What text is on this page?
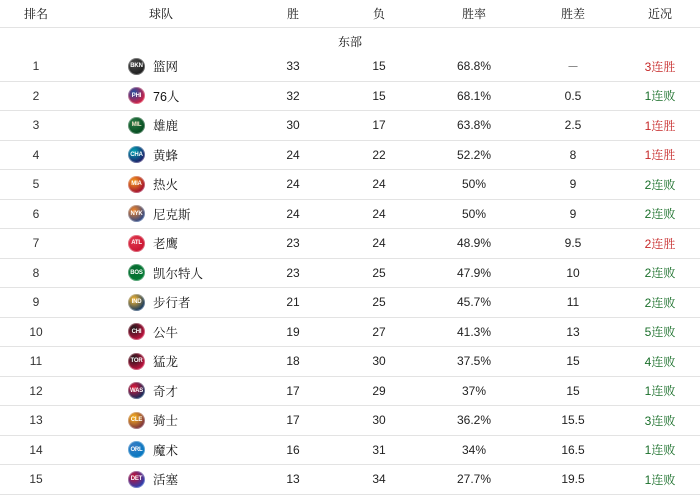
排名	球队	胜	负	胜率	胜差	近况
东部						
1	BKN 篮网	33	15	68.8%	－	3连胜
2	PHI 76人	32	15	68.1%	0.5	1连败
3	MIL 雄鹿	30	17	63.8%	2.5	1连胜
4	CHA 黄蜂	24	22	52.2%	8	1连胜
5	MIA 热火	24	24	50%	9	2连败
6	NYK 尼克斯	24	24	50%	9	2连败
7	ATL 老鹰	23	24	48.9%	9.5	2连胜
8	BOS 凯尔特人	23	25	47.9%	10	2连败
9	IND 步行者	21	25	45.7%	11	2连败
10	CHI 公牛	19	27	41.3%	13	5连败
11	TOR 猛龙	18	30	37.5%	15	4连败
12	WAS 奇才	17	29	37%	15	1连败
13	CLE 骑士	17	30	36.2%	15.5	3连败
14	ORL 魔术	16	31	34%	16.5	1连败
15	DET 活塞	13	34	27.7%	19.5	1连败
